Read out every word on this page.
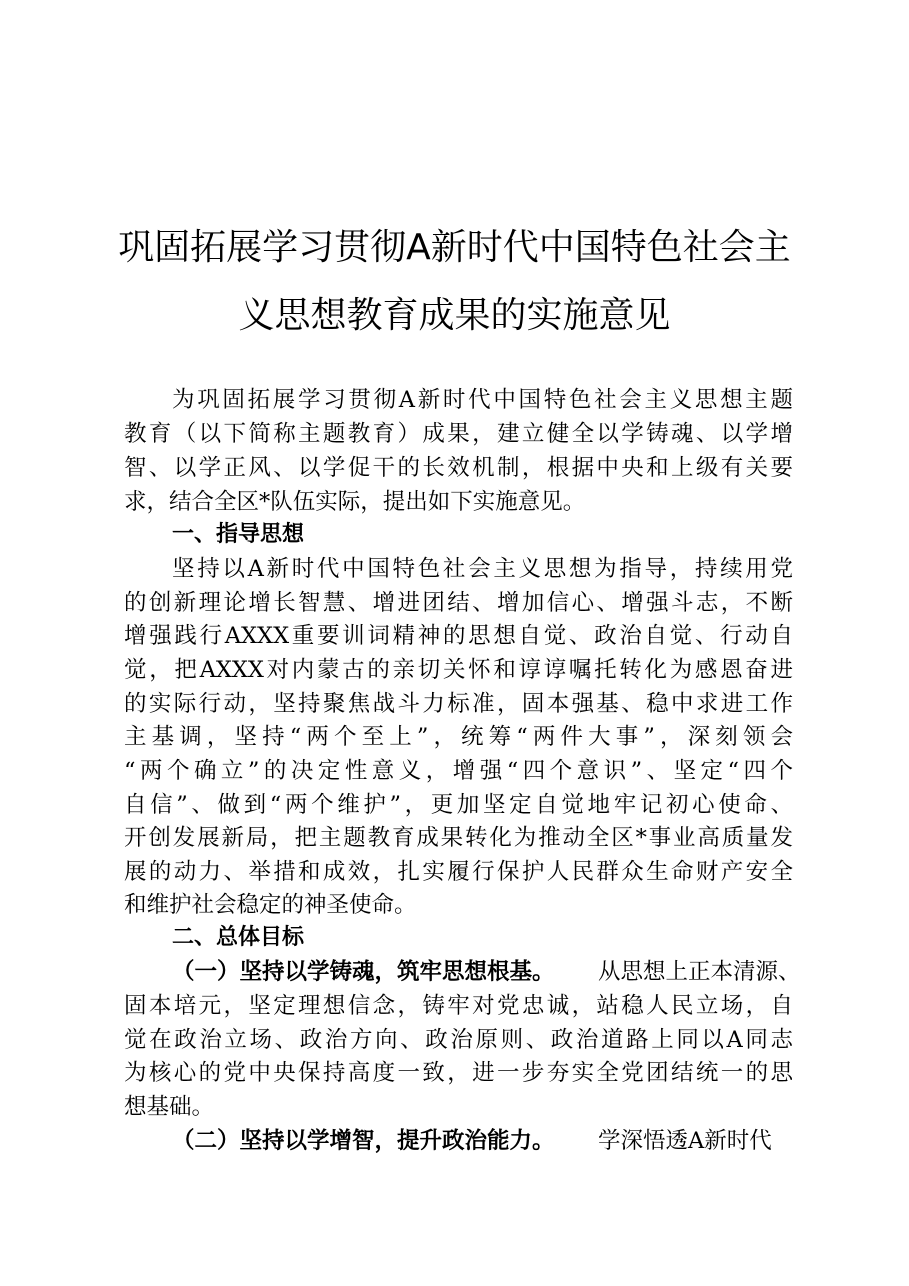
巩固拓展学习贯彻A新时代中国特色社会主
义思想教育成果的实施意见
为巩固拓展学习贯彻A新时代中国特色社会主义思想主题
教育（以下简称主题教育）成果，建立健全以学铸魂、以学增
智、以学正风、以学促干的长效机制，根据中央和上级有关要
求，结合全区*队伍实际，提出如下实施意见。
一、指导思想
坚持以A新时代中国特色社会主义思想为指导，持续用党
的创新理论增长智慧、增进团结、增加信心、增强斗志，不断
增强践行AXXX重要训词精神的思想自觉、政治自觉、行动自
觉，把AXXX对内蒙古的亲切关怀和谆谆嘱托转化为感恩奋进
的实际行动，坚持聚焦战斗力标准，固本强基、稳中求进工作
主基调，坚持“两个至上”，统筹“两件大事”，深刻领会
“两个确立”的决定性意义，增强“四个意识”、坚定“四个
自信”、做到“两个维护”，更加坚定自觉地牢记初心使命、
开创发展新局，把主题教育成果转化为推动全区*事业高质量发
展的动力、举措和成效，扎实履行保护人民群众生命财产安全
和维护社会稳定的神圣使命。
二、总体目标
（一）坚持以学铸魂，筑牢思想根基。 从思想上正本清源、
固本培元，坚定理想信念，铸牢对党忠诚，站稳人民立场，自
觉在政治立场、政治方向、政治原则、政治道路上同以A同志
为核心的党中央保持高度一致，进一步夯实全党团结统一的思
想基础。
（二）坚持以学增智，提升政治能力。 学深悟透A新时代
